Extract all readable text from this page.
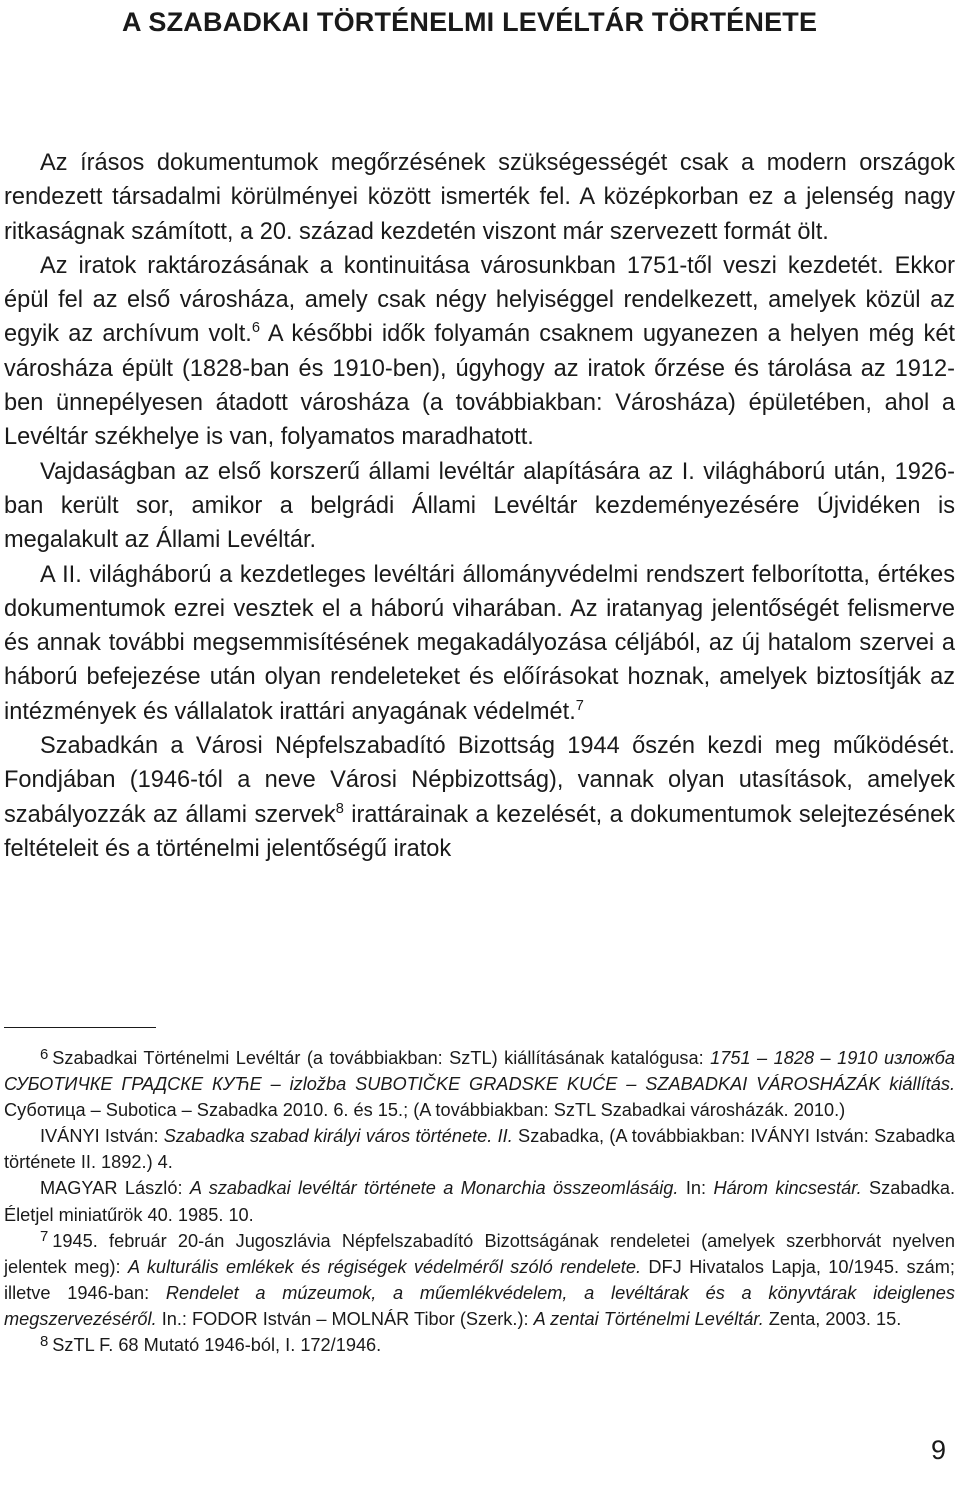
A SZABADKAI TÖRTÉNELMI LEVÉLTÁR TÖRTÉNETE

Az írásos dokumentumok megőrzésének szükségességét csak a modern országok rendezett társadalmi körülményei között ismerték fel. A középkorban ez a jelenség nagy ritkaságnak számított, a 20. század kezdetén viszont már szervezett formát ölt.

Az iratok raktározásának a kontinuitása városunkban 1751-től veszi kezdetét. Ekkor épül fel az első városháza, amely csak négy helyiséggel rendelkezett, amelyek közül az egyik az archívum volt.$^6$ A későbbi idők folyamán csaknem ugyanezen a helyen még két városháza épült (1828-ban és 1910-ben), úgyhogy az iratok őrzése és tárolása az 1912-ben ünnepélyesen átadott városháza (a továbbiakban: Városháza) épületében, ahol a Levéltár székhelye is van, folyamatos maradhatott.

Vajdaságban az első korszerű állami levéltár alapítására az I. világháború után, 1926-ban került sor, amikor a belgrádi Állami Levéltár kezdeményezésére Újvidéken is megalakult az Állami Levéltár.

A II. világháború a kezdetleges levéltári állományvédelmi rendszert felborította, értékes dokumentumok ezrei vesztek el a háború viharában. Az iratanyag jelentőségét felismerve és annak további megsemmisítésének megakadályozása céljából, az új hatalom szervei a háború befejezése után olyan rendeleteket és előírásokat hoznak, amelyek biztosítják az intézmények és vállalatok irattári anyagának védelmét.$^7$

Szabadkán a Városi Népfelszabadító Bizottság 1944 őszén kezdi meg működését. Fondjában (1946-tól a neve Városi Népbizottság), vannak olyan utasítások, amelyek szabályozzák az állami szervek$^8$ irattárainak a kezelését, a dokumentumok selejtezésének feltételeit és a történelmi jelentőségű iratok

$^6$ Szabadkai Történelmi Levéltár (a továbbiakban: SzTL) kiállításának katalógusa: 1751 – 1828 – 1910 изложба СУБОТИЧКЕ ГРАДСКЕ КУЋЕ – izložba SUBOTIČKE GRADSKE KUĆE – SZABADKAI VÁROSHÁZÁK kiállítás. Суботица – Subotica – Szabadka 2010. 6. és 15.; (A továbbiakban: SzTL Szabadkai városházák. 2010.)

IVÁNYI István: Szabadka szabad királyi város története. II. Szabadka, (A továbbiakban: IVÁNYI István: Szabadka története II. 1892.) 4.

MAGYAR László: A szabadkai levéltár története a Monarchia összeomlásáig. In: Három kincsestár. Szabadka. Életjel miniatűrök 40. 1985. 10.

$^7$ 1945. február 20-án Jugoszlávia Népfelszabadító Bizottságának rendeletei (amelyek szerbhorvát nyelven jelentek meg): A kulturális emlékek és régiségek védelméről szóló rendelete. DFJ Hivatalos Lapja, 10/1945. szám; illetve 1946-ban: Rendelet a múzeumok, a műemlékvédelem, a levéltárak és a könyvtárak ideiglenes megszervezéséről. In.: FODOR István – MOLNÁR Tibor (Szerk.): A zentai Történelmi Levéltár. Zenta, 2003. 15.

$^8$ SzTL F. 68 Mutató 1946-ból, I. 172/1946.

9
